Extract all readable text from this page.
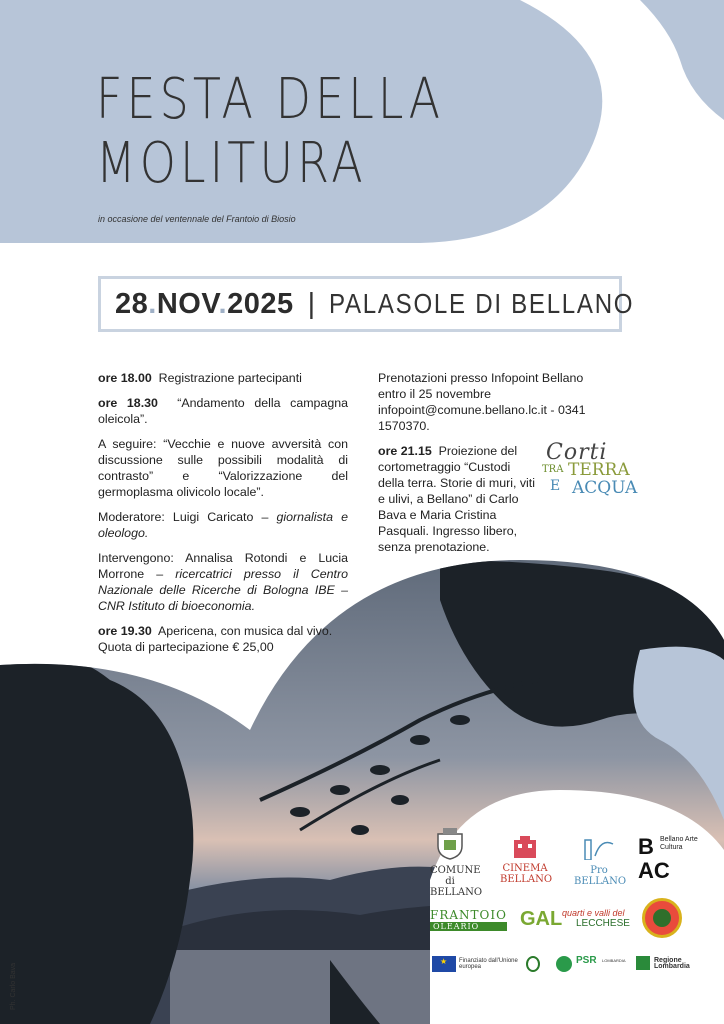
FESTA DELLA
MOLITURA
in occasione del ventennale del Frantoio di Biosio
28.NOV.2025 | PALASOLE DI BELLANO

ore 18.00 Registrazione partecipanti

ore 18.30 “Andamento della campagna oleicola”.

A seguire: “Vecchie e nuove avversità con discussione sulle possibili modalità di contrasto” e “Valorizzazione del germoplasma olivicolo locale”.

Moderatore: Luigi Caricato – giornalista e oleologo.

Intervengono: Annalisa Rotondi e Lucia Morrone – ricercatrici presso il Centro Nazionale delle Ricerche di Bologna IBE – CNR Istituto di bioeconomia.

ore 19.30 Apericena, con musica dal vivo.
Quota di partecipazione € 25,00

Prenotazioni presso Infopoint Bellano
entro il 25 novembre
infopoint@comune.bellano.lc.it - 0341 1570370.

ore 21.15 Proiezione del cortometraggio “Custodi della terra. Storie di muri, viti e ulivi, a Bellano” di Carlo Bava e Maria Cristina Pasquali. Ingresso libero, senza prenotazione.

Corti
TRA TERRA
E ACQUA
Ph. Carlo Bava
COMUNE di BELLANO
CINEMA BELLANO
Pro BELLANO
B Bellano Arte Cultura
AC
FRANTOIO
OLEARIO	GAL quarti e valli del
LECCHESE
★
Finanziato dall'Unione europea
PSR LOMBARDIA	Regione Lombardia
